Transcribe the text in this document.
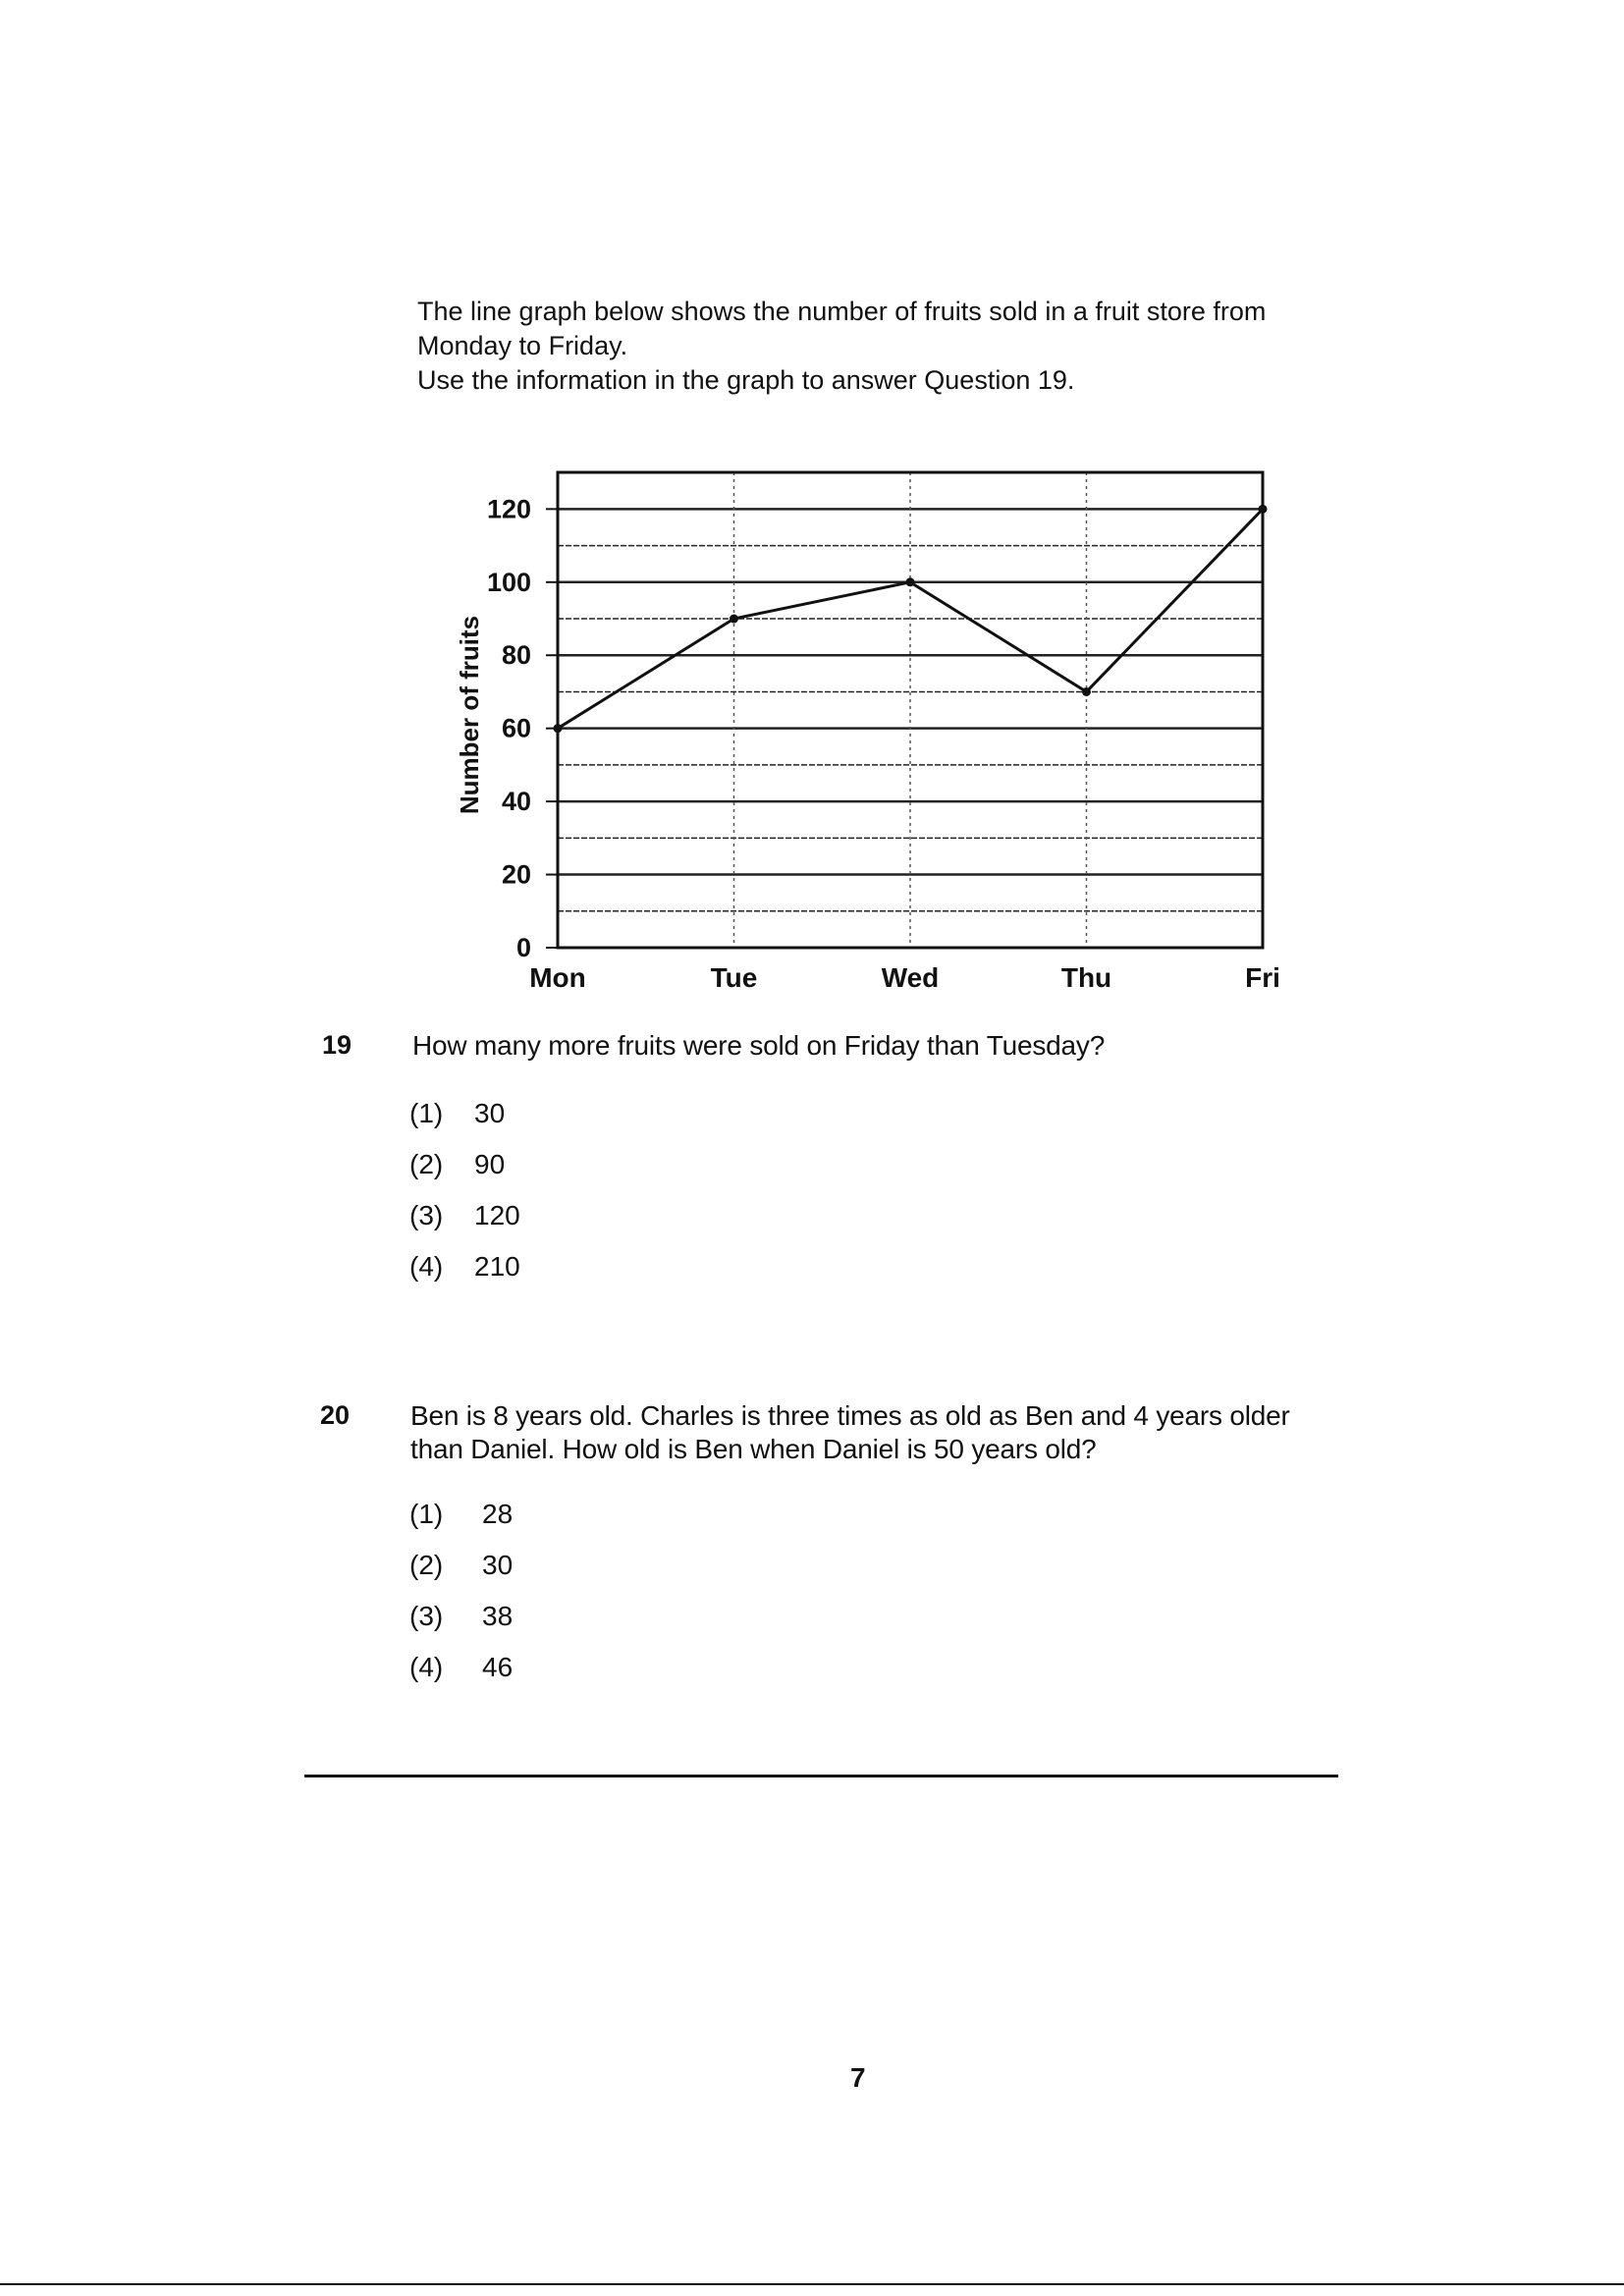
The line graph below shows the number of fruits sold in a fruit store from
Monday to Friday.
Use the information in the graph to answer Question 19.
0
20
40
60
80
100
120
Mon	Tue	Wed	Thu	Fri
Number of fruits
19 How many more fruits were sold on Friday than Tuesday?
(1) 30
(2) 90
(3) 120
(4) 210
20 Ben is 8 years old. Charles is three times as old as Ben and 4 years older
than Daniel. How old is Ben when Daniel is 50 years old?
(1) 28
(2) 30
(3) 38
(4) 46
7
